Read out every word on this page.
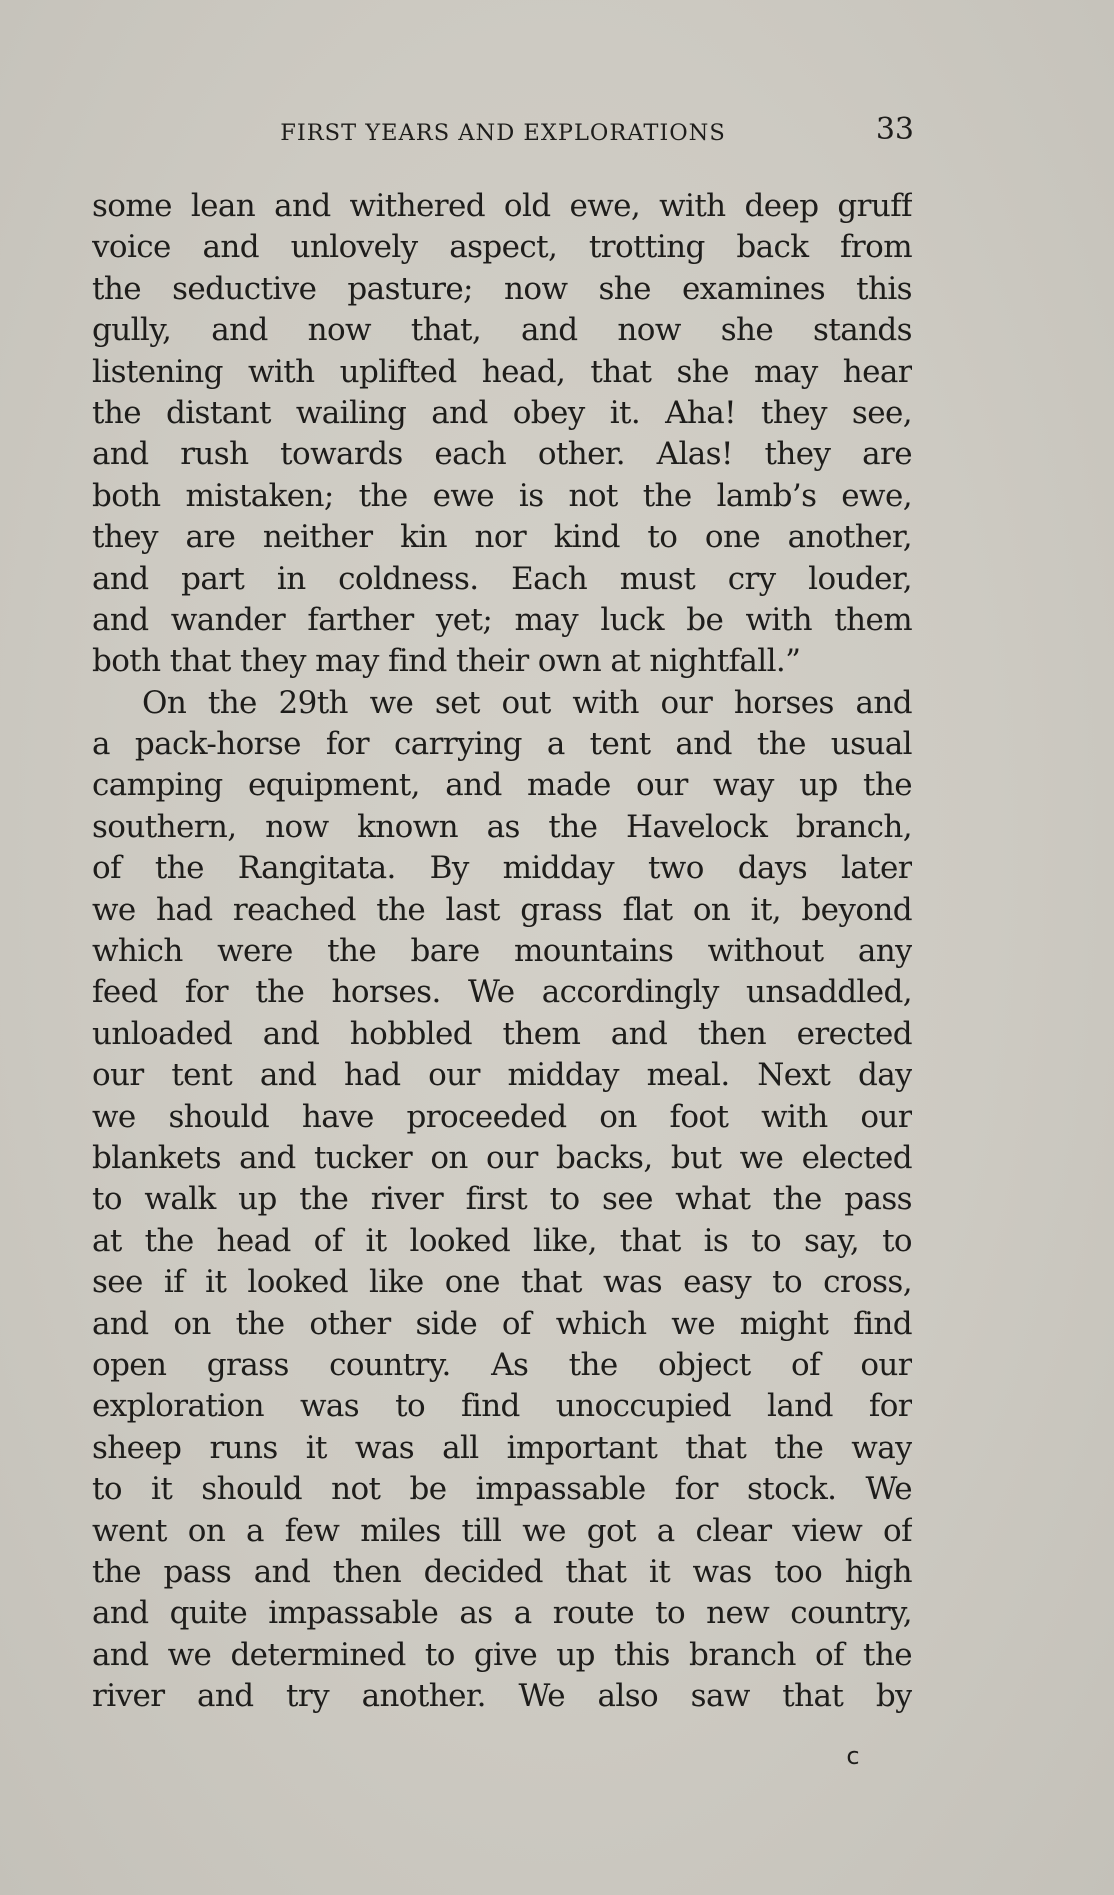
FIRST YEARS AND EXPLORATIONS	33
some lean and withered old ewe, with deep gruff
voice and unlovely aspect, trotting back from
the seductive pasture; now she examines this
gully, and now that, and now she stands
listening with uplifted head, that she may hear
the distant wailing and obey it. Aha! they see,
and rush towards each other. Alas! they are
both mistaken; the ewe is not the lamb’s ewe,
they are neither kin nor kind to one another,
and part in coldness. Each must cry louder,
and wander farther yet; may luck be with them
both that they may find their own at nightfall.”
On the 29th we set out with our horses and
a pack-horse for carrying a tent and the usual
camping equipment, and made our way up the
southern, now known as the Havelock branch,
of the Rangitata. By midday two days later
we had reached the last grass flat on it, beyond
which were the bare mountains without any
feed for the horses. We accordingly unsaddled,
unloaded and hobbled them and then erected
our tent and had our midday meal. Next day
we should have proceeded on foot with our
blankets and tucker on our backs, but we elected
to walk up the river first to see what the pass
at the head of it looked like, that is to say, to
see if it looked like one that was easy to cross,
and on the other side of which we might find
open grass country. As the object of our
exploration was to find unoccupied land for
sheep runs it was all important that the way
to it should not be impassable for stock. We
went on a few miles till we got a clear view of
the pass and then decided that it was too high
and quite impassable as a route to new country,
and we determined to give up this branch of the
river and try another. We also saw that by
c
